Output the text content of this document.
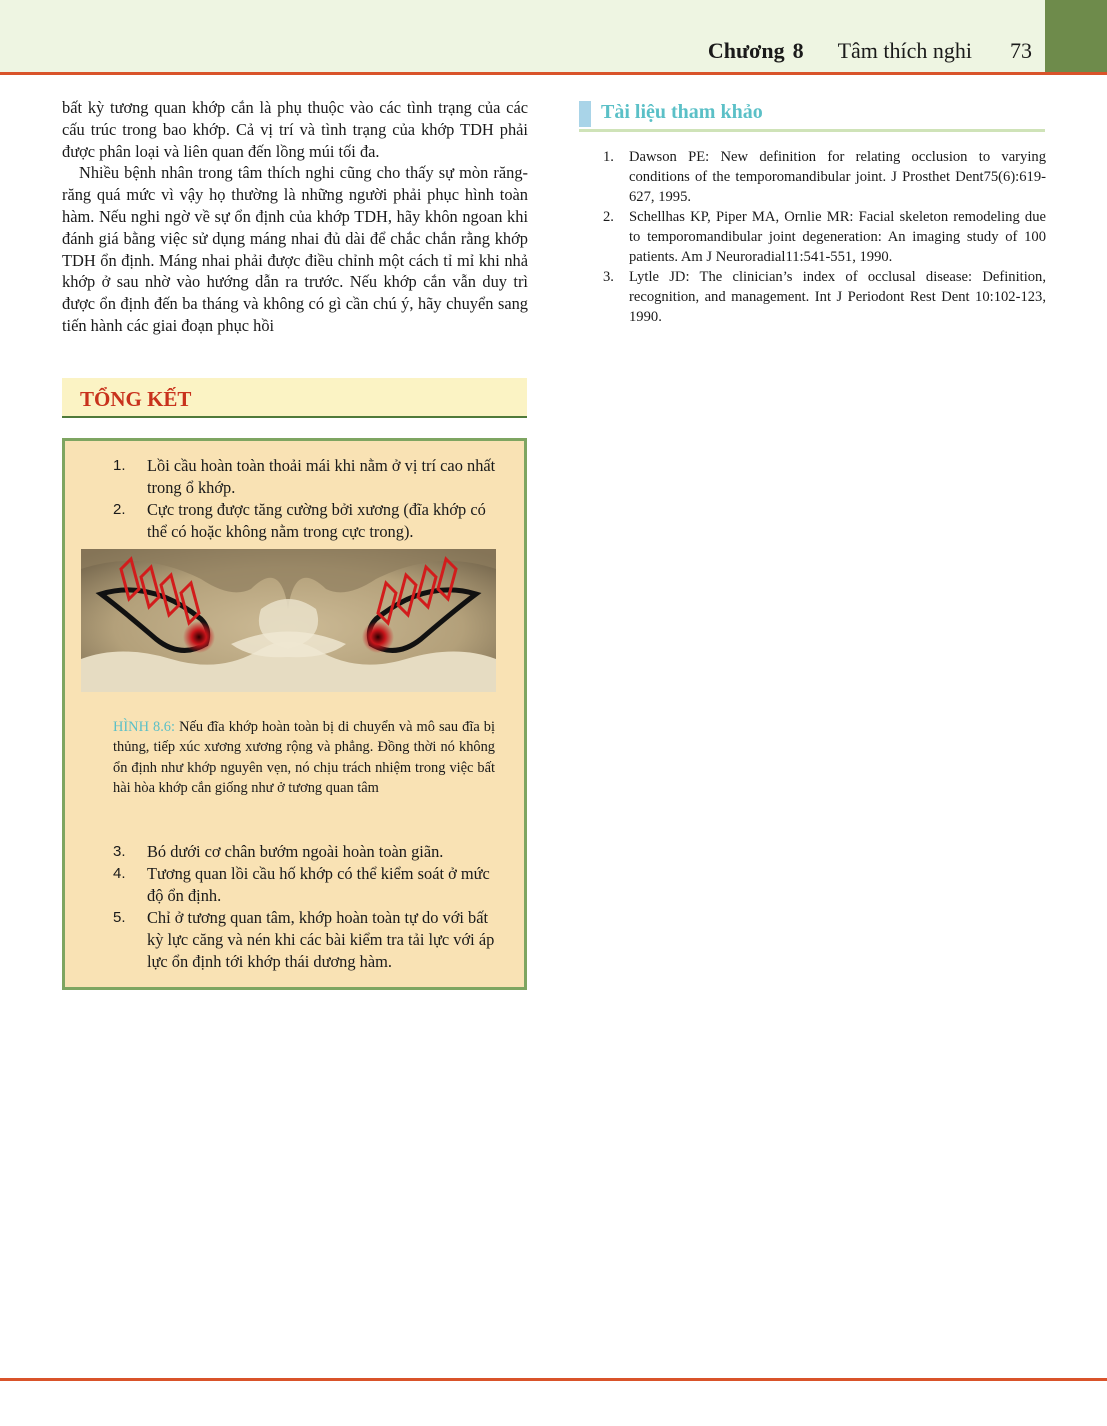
Chương 8 Tâm thích nghi 73

bất kỳ tương quan khớp cắn là phụ thuộc vào các tình trạng của các cấu trúc trong bao khớp. Cả vị trí và tình trạng của khớp TDH phải được phân loại và liên quan đến lồng múi tối đa.

Nhiều bệnh nhân trong tâm thích nghi cũng cho thấy sự mòn răng-răng quá mức vì vậy họ thường là những người phải phục hình toàn hàm. Nếu nghi ngờ về sự ổn định của khớp TDH, hãy khôn ngoan khi đánh giá bằng việc sử dụng máng nhai đủ dài để chắc chắn rằng khớp TDH ổn định. Máng nhai phải được điều chỉnh một cách tỉ mỉ khi nhả khớp ở sau nhờ vào hướng dẫn ra trước. Nếu khớp cắn vẫn duy trì được ổn định đến ba tháng và không có gì cần chú ý, hãy chuyển sang tiến hành các giai đoạn phục hồi

TỔNG KẾT
1. Lồi cầu hoàn toàn thoải mái khi nằm ở vị trí cao nhất trong ổ khớp.
2. Cực trong được tăng cường bởi xương (đĩa khớp có thể có hoặc không nằm trong cực trong).
HÌNH 8.6: Nếu đĩa khớp hoàn toàn bị di chuyển và mô sau đĩa bị thủng, tiếp xúc xương xương rộng và phẳng. Đồng thời nó không ổn định như khớp nguyên vẹn, nó chịu trách nhiệm trong việc bất hài hòa khớp cắn giống như ở tương quan tâm
3. Bó dưới cơ chân bướm ngoài hoàn toàn giãn.
4. Tương quan lồi cầu hố khớp có thể kiểm soát ở mức độ ổn định.
5. Chỉ ở tương quan tâm, khớp hoàn toàn tự do với bất kỳ lực căng và nén khi các bài kiểm tra tải lực với áp lực ổn định tới khớp thái dương hàm.
Tài liệu tham khảo
1. Dawson PE: New definition for relating occlusion to varying conditions of the temporomandibular joint. J Prosthet Dent75(6):619-627, 1995.
2. Schellhas KP, Piper MA, Ornlie MR: Facial skeleton remodeling due to temporomandibular joint degeneration: An imaging study of 100 patients. Am J Neuroradial11:541-551, 1990.
3. Lytle JD: The clinician’s index of occlusal disease: Definition, recognition, and management. Int J Periodont Rest Dent 10:102-123, 1990.
